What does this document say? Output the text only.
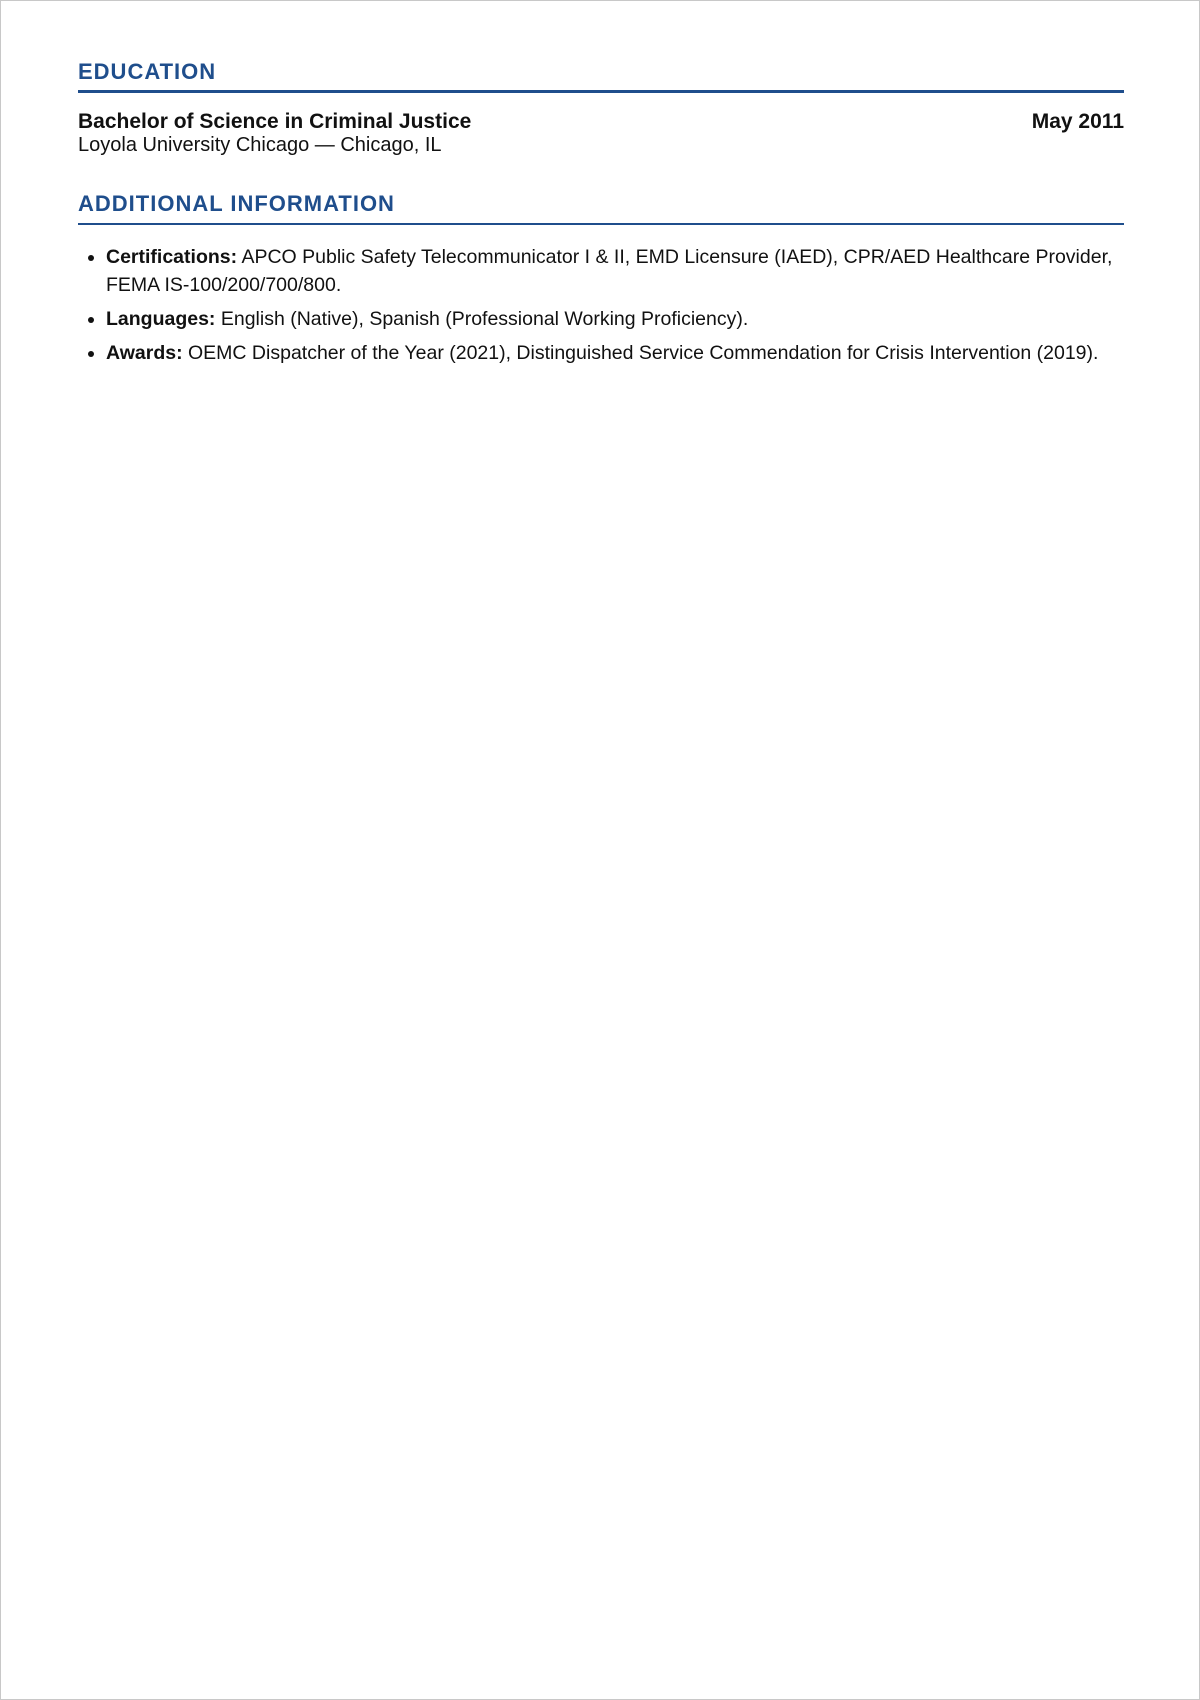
EDUCATION
Bachelor of Science in Criminal Justice	May 2011
Loyola University Chicago — Chicago, IL
ADDITIONAL INFORMATION
• Certifications: APCO Public Safety Telecommunicator I & II, EMD Licensure (IAED), CPR/AED Healthcare Provider, FEMA IS-100/200/700/800.
• Languages: English (Native), Spanish (Professional Working Proficiency).
• Awards: OEMC Dispatcher of the Year (2021), Distinguished Service Commendation for Crisis Intervention (2019).
